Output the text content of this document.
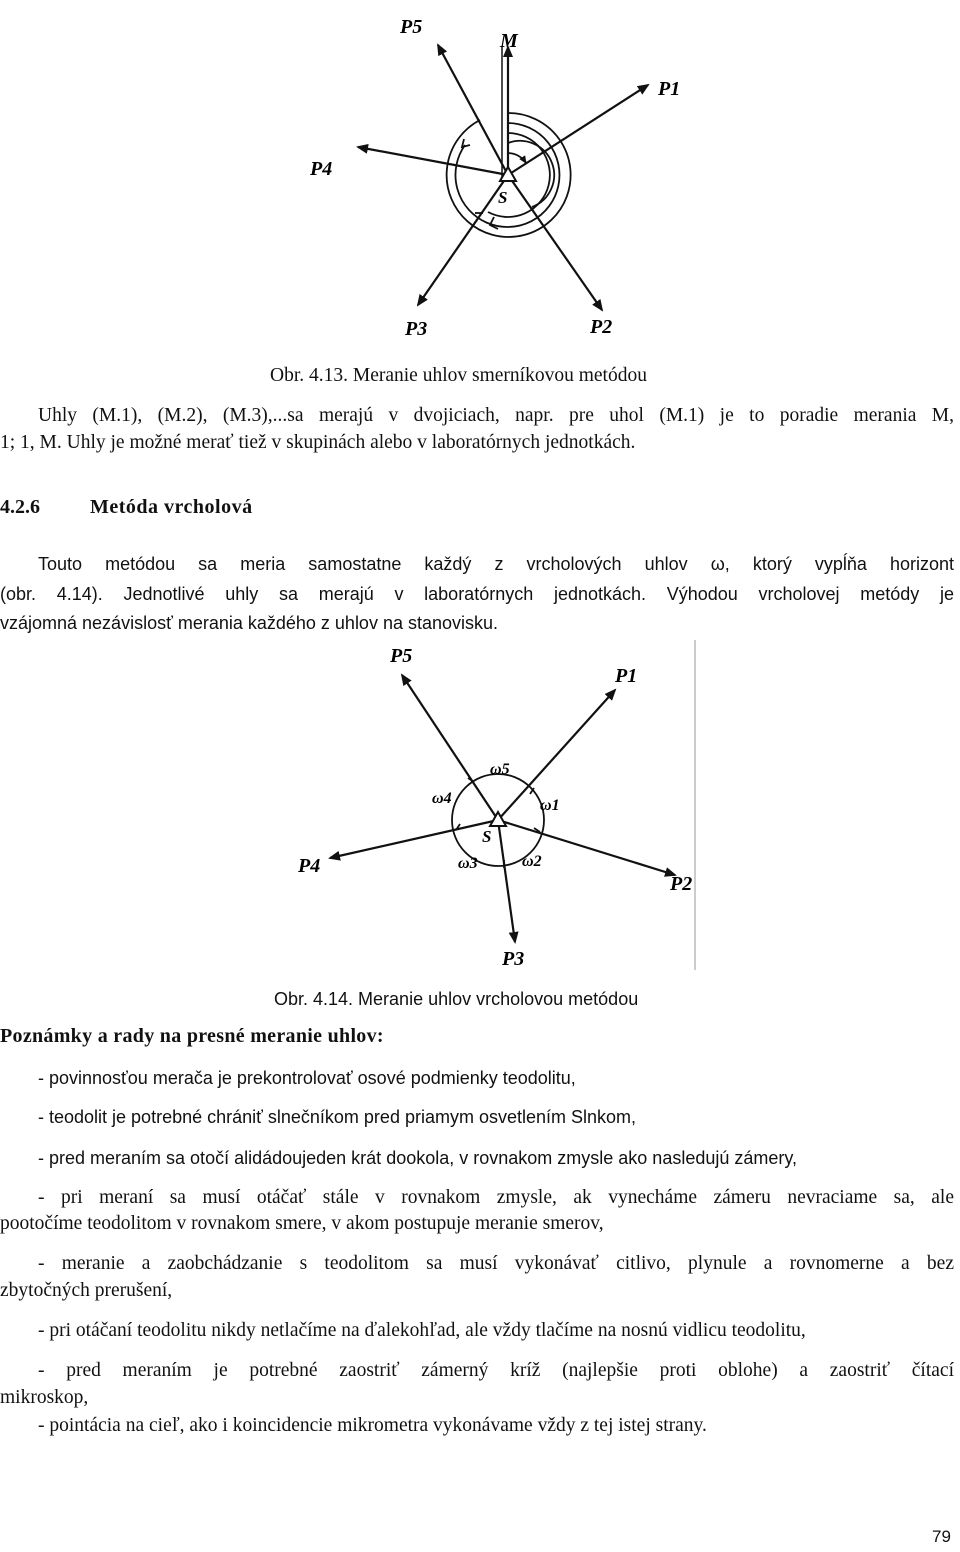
S
P5
M
P1
P4
P3	P2
Obr. 4.13. Meranie uhlov smerníkovou metódou
Uhly (M.1), (M.2), (M.3),...sa merajú v dvojiciach, napr. pre uhol (M.1) je to poradie merania M,
1; 1, M. Uhly je možné merať tiež v skupinách alebo v laboratórnych jednotkách.
4.2.6	Metóda vrcholová
Touto metódou sa meria samostatne každý z vrcholových uhlov ω, ktorý vypĺňa horizont
(obr. 4.14). Jednotlivé uhly sa merajú v laboratórnych jednotkách. Výhodou vrcholovej metódy je
vzájomná nezávislosť merania každého z uhlov na stanovisku.
S
ω5
ω4	ω1
ω3	ω2
P5
P1
P4
P2
P3
Obr. 4.14. Meranie uhlov vrcholovou metódou
Poznámky a rady na presné meranie uhlov:
- povinnosťou merača je prekontrolovať osové podmienky teodolitu,
- teodolit je potrebné chrániť slnečníkom pred priamym osvetlením Slnkom,
- pred meraním sa otočí alidádoujeden krát dookola, v rovnakom zmysle ako nasledujú zámery,
- pri meraní sa musí otáčať stále v rovnakom zmysle, ak vynecháme zámeru nevraciame sa, ale
pootočíme teodolitom v rovnakom smere, v akom postupuje meranie smerov,
- meranie a zaobchádzanie s teodolitom sa musí vykonávať citlivo, plynule a rovnomerne a bez
zbytočných prerušení,
- pri otáčaní teodolitu nikdy netlačíme na ďalekohľad, ale vždy tlačíme na nosnú vidlicu teodolitu,
- pred meraním je potrebné zaostriť zámerný kríž (najlepšie proti oblohe) a zaostriť čítací
mikroskop,
- pointácia na cieľ, ako i koincidencie mikrometra vykonávame vždy z tej istej strany.
79
